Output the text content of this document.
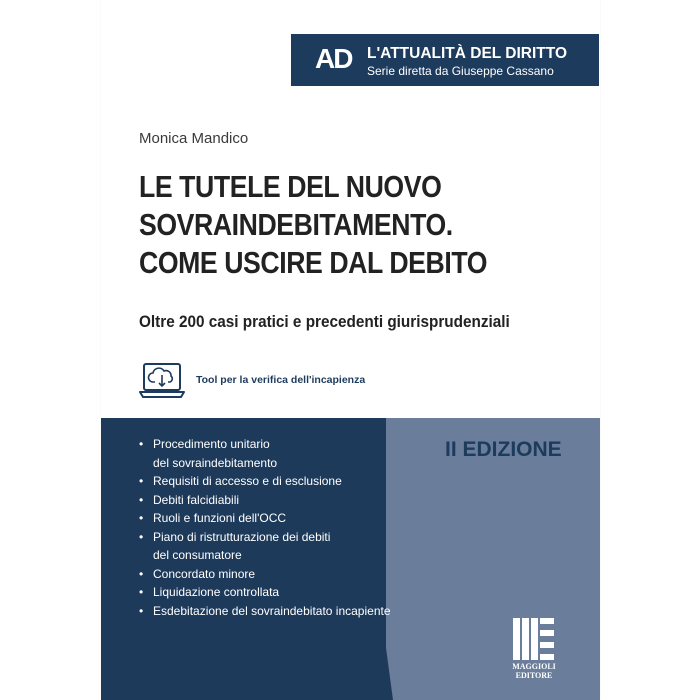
AD L'ATTUALITÀ DEL DIRITTO
Serie diretta da Giuseppe Cassano
Monica Mandico
LE TUTELE DEL NUOVO
SOVRAINDEBITAMENTO.
COME USCIRE DAL DEBITO
Oltre 200 casi pratici e precedenti giurisprudenziali
Tool per la verifica dell'incapienza
II EDIZIONE
• Procedimento unitario
del sovraindebitamento
• Requisiti di accesso e di esclusione
• Debiti falcidiabili
• Ruoli e funzioni dell'OCC
• Piano di ristrutturazione dei debiti
del consumatore
• Concordato minore
• Liquidazione controllata
• Esdebitazione del sovraindebitato incapiente
MAGGIOLI
EDITORE
